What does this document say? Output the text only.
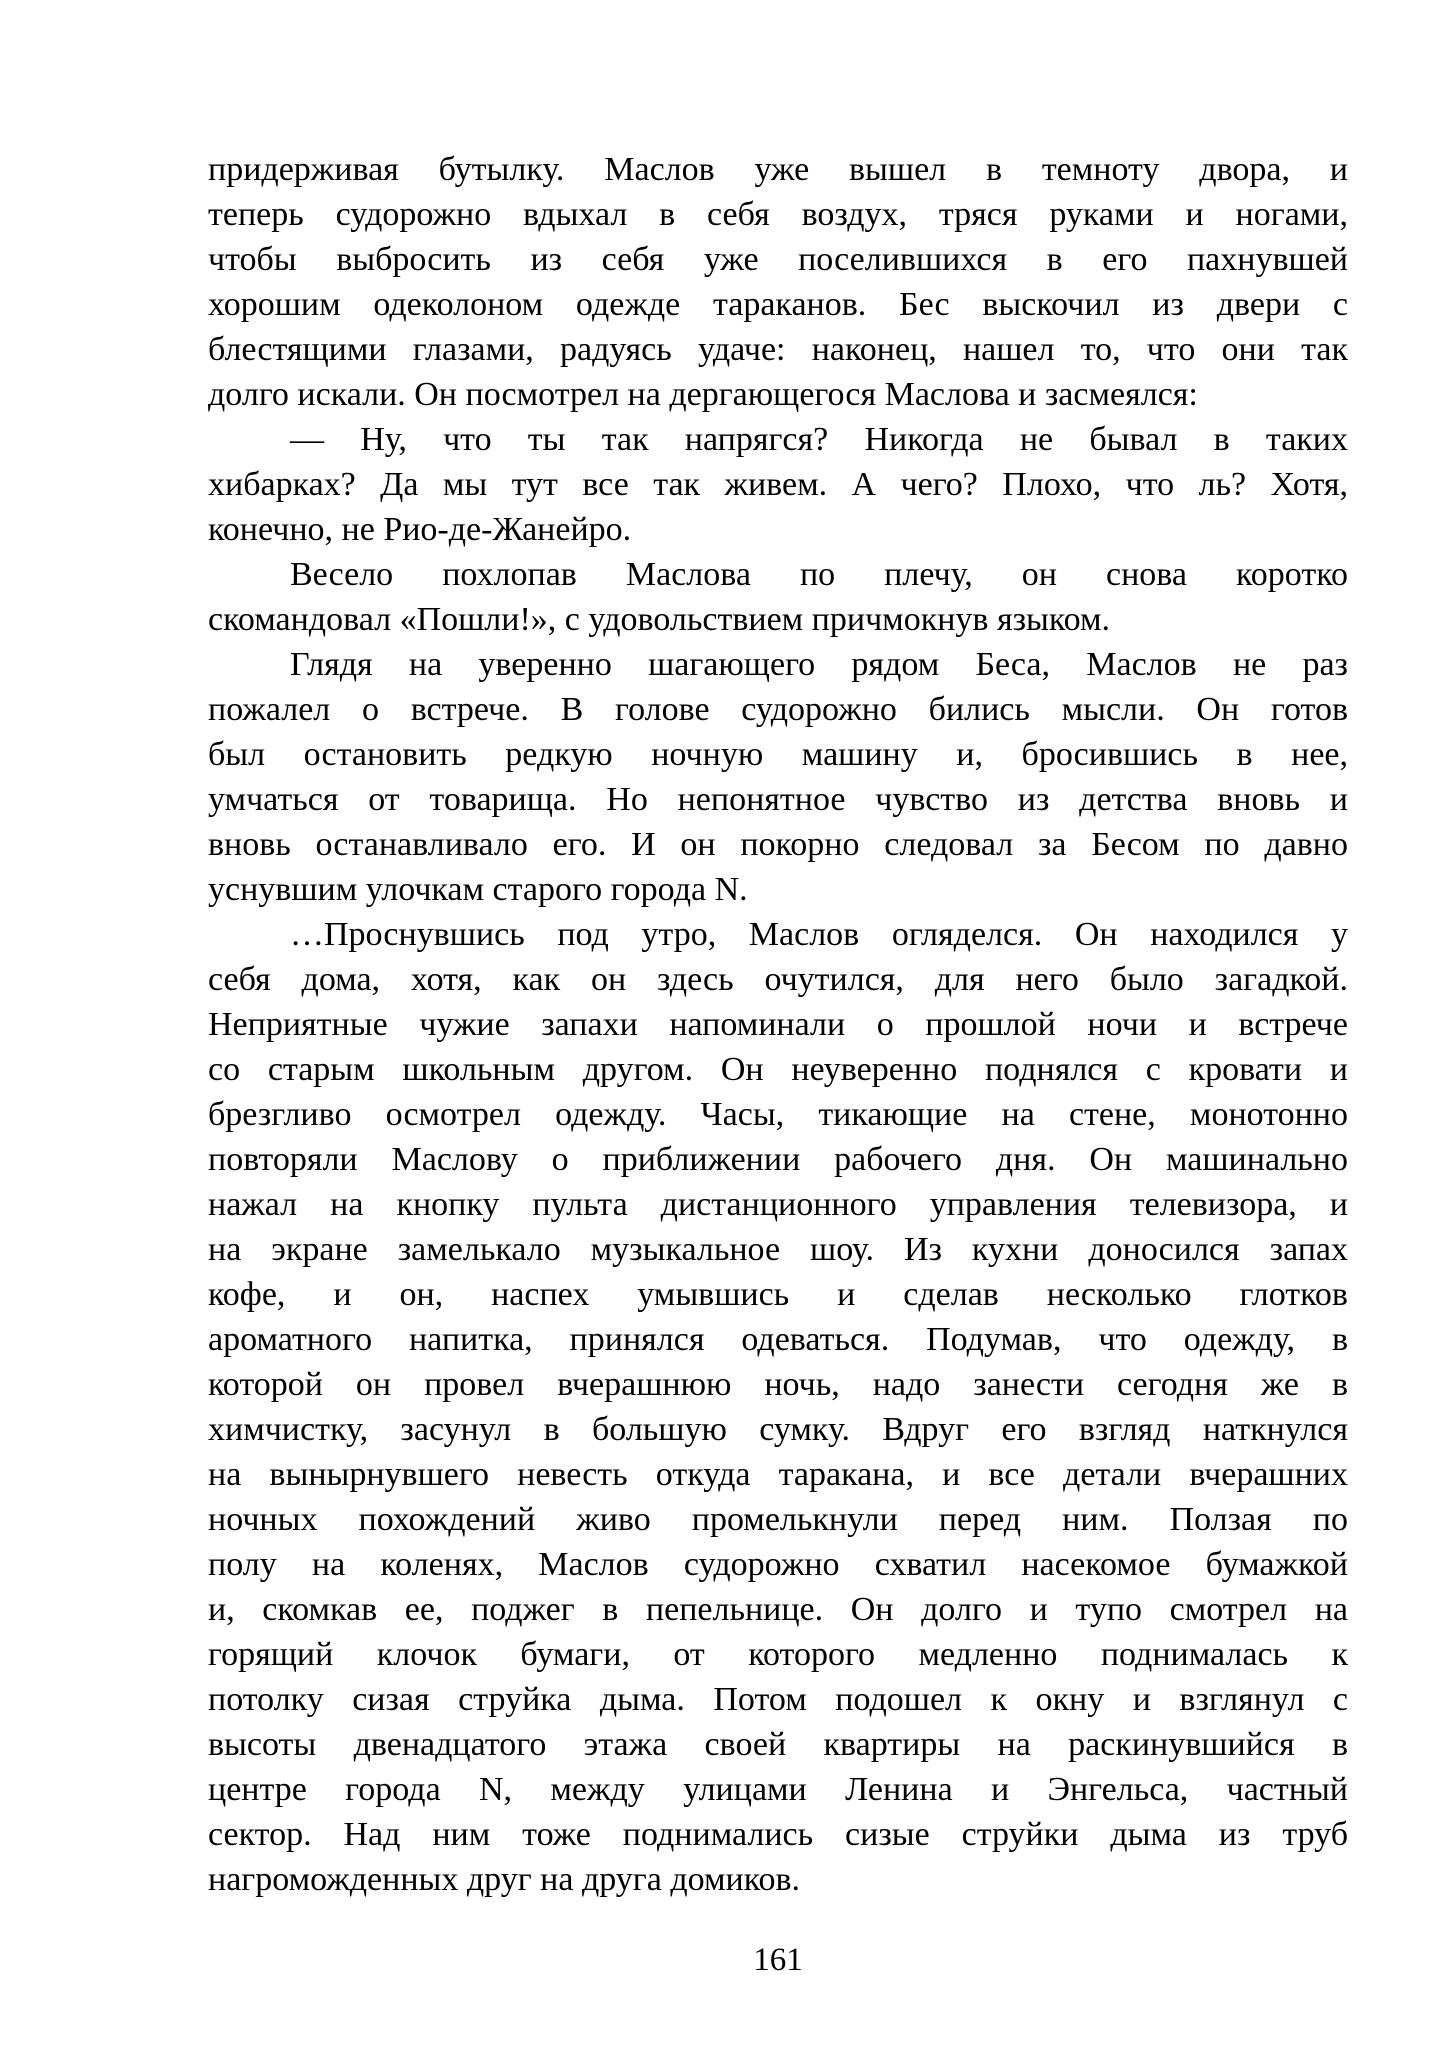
придерживая бутылку. Маслов уже вышел в темноту двора, и
теперь судорожно вдыхал в себя воздух, тряся руками и ногами,
чтобы выбросить из себя уже поселившихся в его пахнувшей
хорошим одеколоном одежде тараканов. Бес выскочил из двери с
блестящими глазами, радуясь удаче: наконец, нашел то, что они так
долго искали. Он посмотрел на дергающегося Маслова и засмеялся:
— Ну, что ты так напрягся? Никогда не бывал в таких
хибарках? Да мы тут все так живем. А чего? Плохо, что ль? Хотя,
конечно, не Рио-де-Жанейро.
Весело похлопав Маслова по плечу, он снова коротко
скомандовал «Пошли!», с удовольствием причмокнув языком.
Глядя на уверенно шагающего рядом Беса, Маслов не раз
пожалел о встрече. В голове судорожно бились мысли. Он готов
был остановить редкую ночную машину и, бросившись в нее,
умчаться от товарища. Но непонятное чувство из детства вновь и
вновь останавливало его. И он покорно следовал за Бесом по давно
уснувшим улочкам старого города N.
…Проснувшись под утро, Маслов огляделся. Он находился у
себя дома, хотя, как он здесь очутился, для него было загадкой.
Неприятные чужие запахи напоминали о прошлой ночи и встрече
со старым школьным другом. Он неуверенно поднялся с кровати и
брезгливо осмотрел одежду. Часы, тикающие на стене, монотонно
повторяли Маслову о приближении рабочего дня. Он машинально
нажал на кнопку пульта дистанционного управления телевизора, и
на экране замелькало музыкальное шоу. Из кухни доносился запах
кофе, и он, наспех умывшись и сделав несколько глотков
ароматного напитка, принялся одеваться. Подумав, что одежду, в
которой он провел вчерашнюю ночь, надо занести сегодня же в
химчистку, засунул в большую сумку. Вдруг его взгляд наткнулся
на вынырнувшего невесть откуда таракана, и все детали вчерашних
ночных похождений живо промелькнули перед ним. Ползая по
полу на коленях, Маслов судорожно схватил насекомое бумажкой
и, скомкав ее, поджег в пепельнице. Он долго и тупо смотрел на
горящий клочок бумаги, от которого медленно поднималась к
потолку сизая струйка дыма. Потом подошел к окну и взглянул с
высоты двенадцатого этажа своей квартиры на раскинувшийся в
центре города N, между улицами Ленина и Энгельса, частный
сектор. Над ним тоже поднимались сизые струйки дыма из труб
нагроможденных друг на друга домиков.
161
